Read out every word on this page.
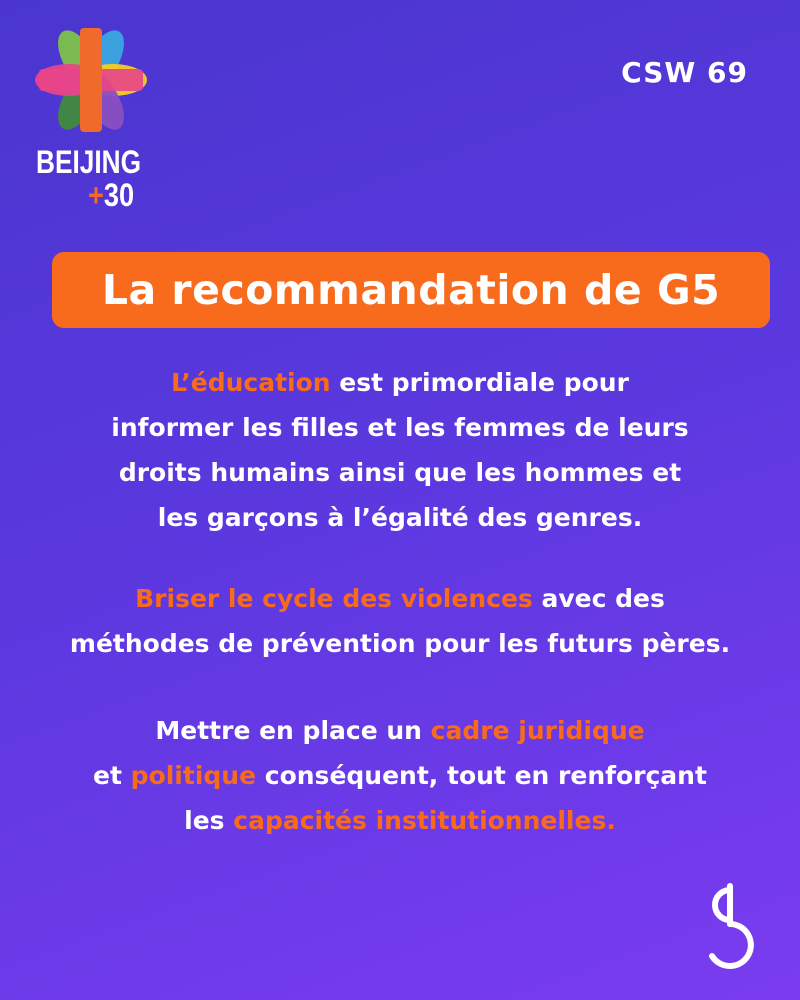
BEIJING
+30
CSW 69
La recommandation de G5

L’éducation est primordiale pour

informer les filles et les femmes de leurs

droits humains ainsi que les hommes et

les garçons à l’égalité des genres.

Briser le cycle des violences avec des

méthodes de prévention pour les futurs pères.

Mettre en place un cadre juridique

et politique conséquent, tout en renforçant

les capacités institutionnelles.
